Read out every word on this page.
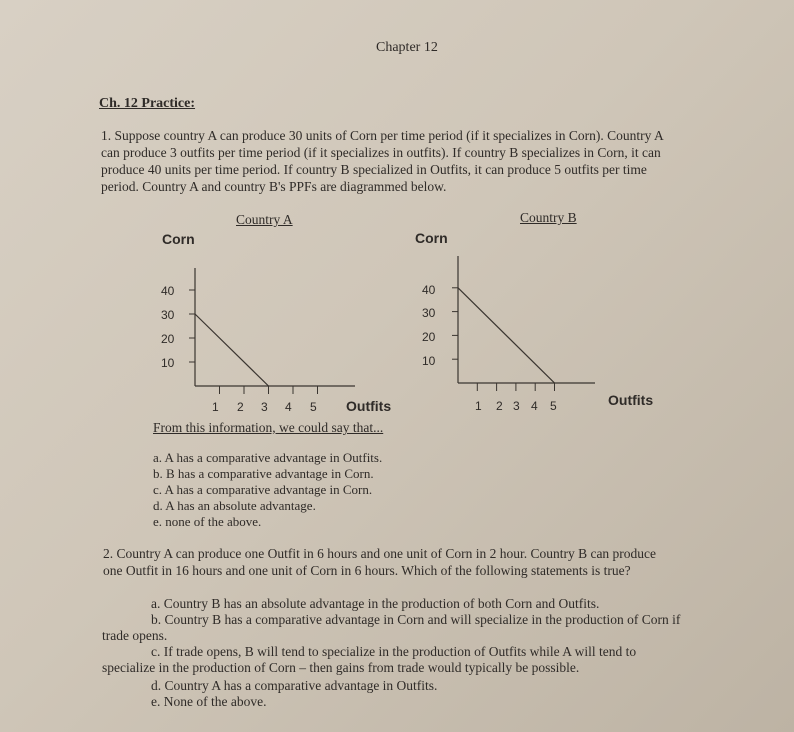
Chapter 12
Ch. 12 Practice:
1. Suppose country A can produce 30 units of Corn per time period (if it specializes in Corn). Country A
can produce 3 outfits per time period (if it specializes in outfits). If country B specializes in Corn, it can
produce 40 units per time period. If country B specialized in Outfits, it can produce 5 outfits per time
period. Country A and country B's PPFs are diagrammed below.
Country A
Corn
Outfits
40
30
20
10
1 2 3 4 5
Country B
Corn
Outfits
40
30
20
10
1 2 3 4 5
From this information, we could say that...
a. A has a comparative advantage in Outfits.
b. B has a comparative advantage in Corn.
c. A has a comparative advantage in Corn.
d. A has an absolute advantage.
e. none of the above.
2. Country A can produce one Outfit in 6 hours and one unit of Corn in 2 hour. Country B can produce
one Outfit in 16 hours and one unit of Corn in 6 hours. Which of the following statements is true?
a. Country B has an absolute advantage in the production of both Corn and Outfits.
b. Country B has a comparative advantage in Corn and will specialize in the production of Corn if
trade opens.
c. If trade opens, B will tend to specialize in the production of Outfits while A will tend to
specialize in the production of Corn – then gains from trade would typically be possible.
d. Country A has a comparative advantage in Outfits.
e. None of the above.
